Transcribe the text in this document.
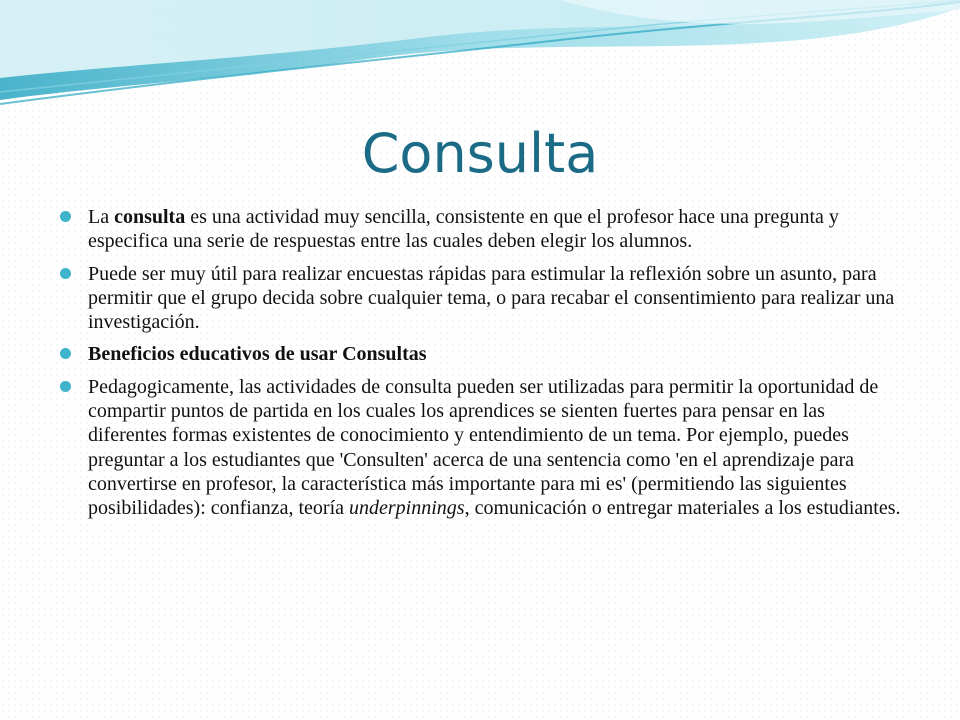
Consulta
La consulta es una actividad muy sencilla, consistente en que el profesor hace una pregunta y especifica una serie de respuestas entre las cuales deben elegir los alumnos.
Puede ser muy útil para realizar encuestas rápidas para estimular la reflexión sobre un asunto, para permitir que el grupo decida sobre cualquier tema, o para recabar el consentimiento para realizar una investigación.
Beneficios educativos de usar Consultas
Pedagogicamente, las actividades de consulta pueden ser utilizadas para permitir la oportunidad de compartir puntos de partida en los cuales los aprendices se sienten fuertes para pensar en las diferentes formas existentes de conocimiento y entendimiento de un tema. Por ejemplo, puedes preguntar a los estudiantes que 'Consulten' acerca de una sentencia como 'en el aprendizaje para convertirse en profesor, la característica más importante para mi es' (permitiendo las siguientes posibilidades): confianza, teoría underpinnings, comunicación o entregar materiales a los estudiantes.
